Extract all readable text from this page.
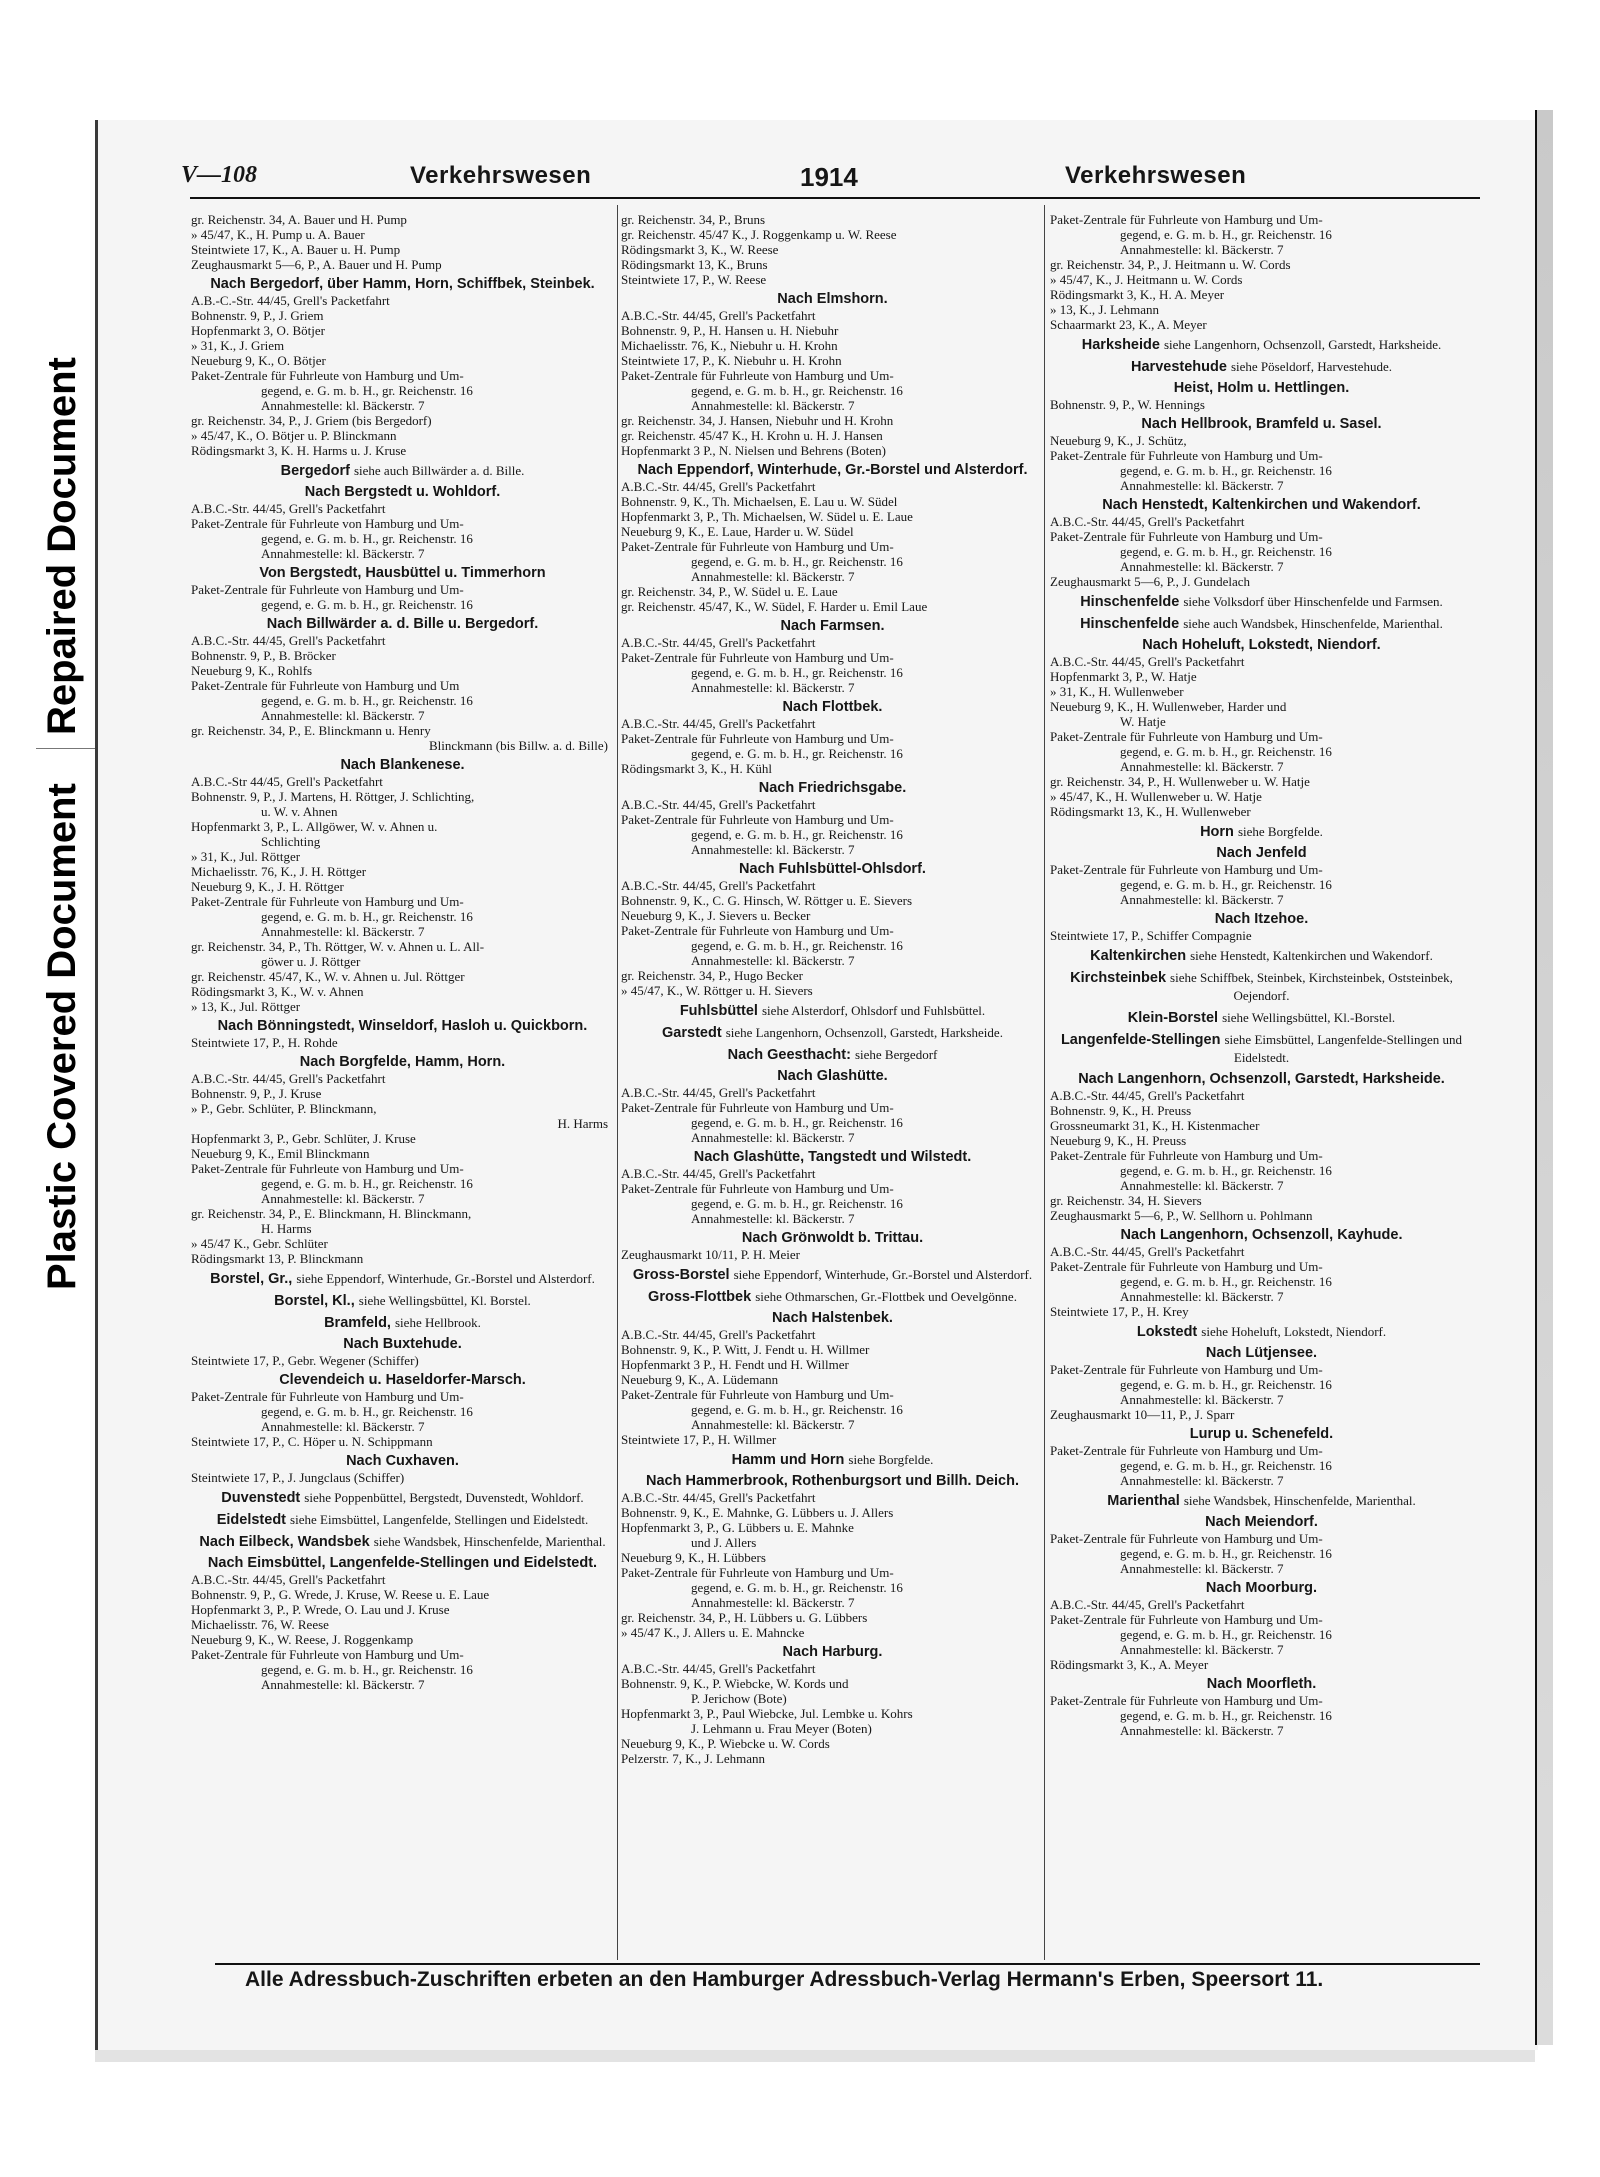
Repaired Document
Plastic Covered Document
V—108	Verkehrswesen	1914	Verkehrswesen
gr. Reichenstr. 34, A. Bauer und H. Pump
» 45/47, K., H. Pump u. A. Bauer
Steintwiete 17, K., A. Bauer u. H. Pump
Zeughausmarkt 5—6, P., A. Bauer und H. Pump
Nach Bergedorf, über Hamm, Horn, Schiffbek, Steinbek.
A.B.-C.-Str. 44/45, Grell's Packetfahrt
Bohnenstr. 9, P., J. Griem
Hopfenmarkt 3, O. Bötjer
» 31, K., J. Griem
Neueburg 9, K., O. Bötjer
Paket-Zentrale für Fuhrleute von Hamburg und Um-
gegend, e. G. m. b. H., gr. Reichenstr. 16
Annahmestelle: kl. Bäckerstr. 7
gr. Reichenstr. 34, P., J. Griem (bis Bergedorf)
» 45/47, K., O. Bötjer u. P. Blinckmann
Rödingsmarkt 3, K. H. Harms u. J. Kruse
Bergedorf siehe auch Billwärder a. d. Bille.
Nach Bergstedt u. Wohldorf.
A.B.C.-Str. 44/45, Grell's Packetfahrt
Paket-Zentrale für Fuhrleute von Hamburg und Um-
gegend, e. G. m. b. H., gr. Reichenstr. 16
Annahmestelle: kl. Bäckerstr. 7
Von Bergstedt, Hausbüttel u. Timmerhorn
Paket-Zentrale für Fuhrleute von Hamburg und Um-
gegend, e. G. m. b. H., gr. Reichenstr. 16
Nach Billwärder a. d. Bille u. Bergedorf.
A.B.C.-Str. 44/45, Grell's Packetfahrt
Bohnenstr. 9, P., B. Bröcker
Neueburg 9, K., Rohlfs
Paket-Zentrale für Fuhrleute von Hamburg und Um
gegend, e. G. m. b. H., gr. Reichenstr. 16
Annahmestelle: kl. Bäckerstr. 7
gr. Reichenstr. 34, P., E. Blinckmann u. Henry
Blinckmann (bis Billw. a. d. Bille)
Nach Blankenese.
A.B.C.-Str 44/45, Grell's Packetfahrt
Bohnenstr. 9, P., J. Martens, H. Röttger, J. Schlichting,
u. W. v. Ahnen
Hopfenmarkt 3, P., L. Allgöwer, W. v. Ahnen u.
Schlichting
» 31, K., Jul. Röttger
Michaelisstr. 76, K., J. H. Röttger
Neueburg 9, K., J. H. Röttger
Paket-Zentrale für Fuhrleute von Hamburg und Um-
gegend, e. G. m. b. H., gr. Reichenstr. 16
Annahmestelle: kl. Bäckerstr. 7
gr. Reichenstr. 34, P., Th. Röttger, W. v. Ahnen u. L. All-
göwer u. J. Röttger
gr. Reichenstr. 45/47, K., W. v. Ahnen u. Jul. Röttger
Rödingsmarkt 3, K., W. v. Ahnen
» 13, K., Jul. Röttger
Nach Bönningstedt, Winseldorf, Hasloh u. Quickborn.
Steintwiete 17, P., H. Rohde
Nach Borgfelde, Hamm, Horn.
A.B.C.-Str. 44/45, Grell's Packetfahrt
Bohnenstr. 9, P., J. Kruse
» P., Gebr. Schlüter, P. Blinckmann,
H. Harms
Hopfenmarkt 3, P., Gebr. Schlüter, J. Kruse
Neueburg 9, K., Emil Blinckmann
Paket-Zentrale für Fuhrleute von Hamburg und Um-
gegend, e. G. m. b. H., gr. Reichenstr. 16
Annahmestelle: kl. Bäckerstr. 7
gr. Reichenstr. 34, P., E. Blinckmann, H. Blinckmann,
H. Harms
» 45/47 K., Gebr. Schlüter
Rödingsmarkt 13, P. Blinckmann
Borstel, Gr., siehe Eppendorf, Winterhude, Gr.-Borstel und Alsterdorf.
Borstel, Kl., siehe Wellingsbüttel, Kl. Borstel.
Bramfeld, siehe Hellbrook.
Nach Buxtehude.
Steintwiete 17, P., Gebr. Wegener (Schiffer)
Clevendeich u. Haseldorfer-Marsch.
Paket-Zentrale für Fuhrleute von Hamburg und Um-
gegend, e. G. m. b. H., gr. Reichenstr. 16
Annahmestelle: kl. Bäckerstr. 7
Steintwiete 17, P., C. Höper u. N. Schippmann
Nach Cuxhaven.
Steintwiete 17, P., J. Jungclaus (Schiffer)
Duvenstedt siehe Poppenbüttel, Bergstedt, Duvenstedt, Wohldorf.
Eidelstedt siehe Eimsbüttel, Langenfelde, Stellingen und Eidelstedt.
Nach Eilbeck, Wandsbek siehe Wandsbek, Hinschenfelde, Marienthal.
Nach Eimsbüttel, Langenfelde-Stellingen und Eidelstedt.
A.B.C.-Str. 44/45, Grell's Packetfahrt
Bohnenstr. 9, P., G. Wrede, J. Kruse, W. Reese u. E. Laue
Hopfenmarkt 3, P., P. Wrede, O. Lau und J. Kruse
Michaelisstr. 76, W. Reese
Neueburg 9, K., W. Reese, J. Roggenkamp
Paket-Zentrale für Fuhrleute von Hamburg und Um-
gegend, e. G. m. b. H., gr. Reichenstr. 16
Annahmestelle: kl. Bäckerstr. 7
gr. Reichenstr. 34, P., Bruns
gr. Reichenstr. 45/47 K., J. Roggenkamp u. W. Reese
Rödingsmarkt 3, K., W. Reese
Rödingsmarkt 13, K., Bruns
Steintwiete 17, P., W. Reese
Nach Elmshorn.
A.B.C.-Str. 44/45, Grell's Packetfahrt
Bohnenstr. 9, P., H. Hansen u. H. Niebuhr
Michaelisstr. 76, K., Niebuhr u. H. Krohn
Steintwiete 17, P., K. Niebuhr u. H. Krohn
Paket-Zentrale für Fuhrleute von Hamburg und Um-
gegend, e. G. m. b. H., gr. Reichenstr. 16
Annahmestelle: kl. Bäckerstr. 7
gr. Reichenstr. 34, J. Hansen, Niebuhr und H. Krohn
gr. Reichenstr. 45/47 K., H. Krohn u. H. J. Hansen
Hopfenmarkt 3 P., N. Nielsen und Behrens (Boten)
Nach Eppendorf, Winterhude, Gr.-Borstel und Alsterdorf.
A.B.C.-Str. 44/45, Grell's Packetfahrt
Bohnenstr. 9, K., Th. Michaelsen, E. Lau u. W. Südel
Hopfenmarkt 3, P., Th. Michaelsen, W. Südel u. E. Laue
Neueburg 9, K., E. Laue, Harder u. W. Südel
Paket-Zentrale für Fuhrleute von Hamburg und Um-
gegend, e. G. m. b. H., gr. Reichenstr. 16
Annahmestelle: kl. Bäckerstr. 7
gr. Reichenstr. 34, P., W. Südel u. E. Laue
gr. Reichenstr. 45/47, K., W. Südel, F. Harder u. Emil Laue
Nach Farmsen.
A.B.C.-Str. 44/45, Grell's Packetfahrt
Paket-Zentrale für Fuhrleute von Hamburg und Um-
gegend, e. G. m. b. H., gr. Reichenstr. 16
Annahmestelle: kl. Bäckerstr. 7
Nach Flottbek.
A.B.C.-Str. 44/45, Grell's Packetfahrt
Paket-Zentrale für Fuhrleute von Hamburg und Um-
gegend, e. G. m. b. H., gr. Reichenstr. 16
Rödingsmarkt 3, K., H. Kühl
Nach Friedrichsgabe.
A.B.C.-Str. 44/45, Grell's Packetfahrt
Paket-Zentrale für Fuhrleute von Hamburg und Um-
gegend, e. G. m. b. H., gr. Reichenstr. 16
Annahmestelle: kl. Bäckerstr. 7
Nach Fuhlsbüttel-Ohlsdorf.
A.B.C.-Str. 44/45, Grell's Packetfahrt
Bohnenstr. 9, K., C. G. Hinsch, W. Röttger u. E. Sievers
Neueburg 9, K., J. Sievers u. Becker
Paket-Zentrale für Fuhrleute von Hamburg und Um-
gegend, e. G. m. b. H., gr. Reichenstr. 16
Annahmestelle: kl. Bäckerstr. 7
gr. Reichenstr. 34, P., Hugo Becker
» 45/47, K., W. Röttger u. H. Sievers
Fuhlsbüttel siehe Alsterdorf, Ohlsdorf und Fuhlsbüttel.
Garstedt siehe Langenhorn, Ochsenzoll, Garstedt, Harksheide.
Nach Geesthacht: siehe Bergedorf
Nach Glashütte.
A.B.C.-Str. 44/45, Grell's Packetfahrt
Paket-Zentrale für Fuhrleute von Hamburg und Um-
gegend, e. G. m. b. H., gr. Reichenstr. 16
Annahmestelle: kl. Bäckerstr. 7
Nach Glashütte, Tangstedt und Wilstedt.
A.B.C.-Str. 44/45, Grell's Packetfahrt
Paket-Zentrale für Fuhrleute von Hamburg und Um-
gegend, e. G. m. b. H., gr. Reichenstr. 16
Annahmestelle: kl. Bäckerstr. 7
Nach Grönwoldt b. Trittau.
Zeughausmarkt 10/11, P. H. Meier
Gross-Borstel siehe Eppendorf, Winterhude, Gr.-Borstel und Alsterdorf.
Gross-Flottbek siehe Othmarschen, Gr.-Flottbek und Oevelgönne.
Nach Halstenbek.
A.B.C.-Str. 44/45, Grell's Packetfahrt
Bohnenstr. 9, K., P. Witt, J. Fendt u. H. Willmer
Hopfenmarkt 3 P., H. Fendt und H. Willmer
Neueburg 9, K., A. Lüdemann
Paket-Zentrale für Fuhrleute von Hamburg und Um-
gegend, e. G. m. b. H., gr. Reichenstr. 16
Annahmestelle: kl. Bäckerstr. 7
Steintwiete 17, P., H. Willmer
Hamm und Horn siehe Borgfelde.
Nach Hammerbrook, Rothenburgsort und Billh. Deich.
A.B.C.-Str. 44/45, Grell's Packetfahrt
Bohnenstr. 9, K., E. Mahnke, G. Lübbers u. J. Allers
Hopfenmarkt 3, P., G. Lübbers u. E. Mahnke
und J. Allers
Neueburg 9, K., H. Lübbers
Paket-Zentrale für Fuhrleute von Hamburg und Um-
gegend, e. G. m. b. H., gr. Reichenstr. 16
Annahmestelle: kl. Bäckerstr. 7
gr. Reichenstr. 34, P., H. Lübbers u. G. Lübbers
» 45/47 K., J. Allers u. E. Mahncke
Nach Harburg.
A.B.C.-Str. 44/45, Grell's Packetfahrt
Bohnenstr. 9, K., P. Wiebcke, W. Kords und
P. Jerichow (Bote)
Hopfenmarkt 3, P., Paul Wiebcke, Jul. Lembke u. Kohrs
J. Lehmann u. Frau Meyer (Boten)
Neueburg 9, K., P. Wiebcke u. W. Cords
Pelzerstr. 7, K., J. Lehmann
Paket-Zentrale für Fuhrleute von Hamburg und Um-
gegend, e. G. m. b. H., gr. Reichenstr. 16
Annahmestelle: kl. Bäckerstr. 7
gr. Reichenstr. 34, P., J. Heitmann u. W. Cords
» 45/47, K., J. Heitmann u. W. Cords
Rödingsmarkt 3, K., H. A. Meyer
» 13, K., J. Lehmann
Schaarmarkt 23, K., A. Meyer
Harksheide siehe Langenhorn, Ochsenzoll, Garstedt, Harksheide.
Harvestehude siehe Pöseldorf, Harvestehude.
Heist, Holm u. Hettlingen.
Bohnenstr. 9, P., W. Hennings
Nach Hellbrook, Bramfeld u. Sasel.
Neueburg 9, K., J. Schütz,
Paket-Zentrale für Fuhrleute von Hamburg und Um-
gegend, e. G. m. b. H., gr. Reichenstr. 16
Annahmestelle: kl. Bäckerstr. 7
Nach Henstedt, Kaltenkirchen und Wakendorf.
A.B.C.-Str. 44/45, Grell's Packetfahrt
Paket-Zentrale für Fuhrleute von Hamburg und Um-
gegend, e. G. m. b. H., gr. Reichenstr. 16
Annahmestelle: kl. Bäckerstr. 7
Zeughausmarkt 5—6, P., J. Gundelach
Hinschenfelde siehe Volksdorf über Hinschenfelde und Farmsen.
Hinschenfelde siehe auch Wandsbek, Hinschenfelde, Marienthal.
Nach Hoheluft, Lokstedt, Niendorf.
A.B.C.-Str. 44/45, Grell's Packetfahrt
Hopfenmarkt 3, P., W. Hatje
» 31, K., H. Wullenweber
Neueburg 9, K., H. Wullenweber, Harder und
W. Hatje
Paket-Zentrale für Fuhrleute von Hamburg und Um-
gegend, e. G. m. b. H., gr. Reichenstr. 16
Annahmestelle: kl. Bäckerstr. 7
gr. Reichenstr. 34, P., H. Wullenweber u. W. Hatje
» 45/47, K., H. Wullenweber u. W. Hatje
Rödingsmarkt 13, K., H. Wullenweber
Horn siehe Borgfelde.
Nach Jenfeld
Paket-Zentrale für Fuhrleute von Hamburg und Um-
gegend, e. G. m. b. H., gr. Reichenstr. 16
Annahmestelle: kl. Bäckerstr. 7
Nach Itzehoe.
Steintwiete 17, P., Schiffer Compagnie
Kaltenkirchen siehe Henstedt, Kaltenkirchen und Wakendorf.
Kirchsteinbek siehe Schiffbek, Steinbek, Kirchsteinbek, Oststeinbek, Oejendorf.
Klein-Borstel siehe Wellingsbüttel, Kl.-Borstel.
Langenfelde-Stellingen siehe Eimsbüttel, Langenfelde-Stellingen und Eidelstedt.
Nach Langenhorn, Ochsenzoll, Garstedt, Harksheide.
A.B.C.-Str. 44/45, Grell's Packetfahrt
Bohnenstr. 9, K., H. Preuss
Grossneumarkt 31, K., H. Kistenmacher
Neueburg 9, K., H. Preuss
Paket-Zentrale für Fuhrleute von Hamburg und Um-
gegend, e. G. m. b. H., gr. Reichenstr. 16
Annahmestelle: kl. Bäckerstr. 7
gr. Reichenstr. 34, H. Sievers
Zeughausmarkt 5—6, P., W. Sellhorn u. Pohlmann
Nach Langenhorn, Ochsenzoll, Kayhude.
A.B.C.-Str. 44/45, Grell's Packetfahrt
Paket-Zentrale für Fuhrleute von Hamburg und Um-
gegend, e. G. m. b. H., gr. Reichenstr. 16
Annahmestelle: kl. Bäckerstr. 7
Steintwiete 17, P., H. Krey
Lokstedt siehe Hoheluft, Lokstedt, Niendorf.
Nach Lütjensee.
Paket-Zentrale für Fuhrleute von Hamburg und Um-
gegend, e. G. m. b. H., gr. Reichenstr. 16
Annahmestelle: kl. Bäckerstr. 7
Zeughausmarkt 10—11, P., J. Sparr
Lurup u. Schenefeld.
Paket-Zentrale für Fuhrleute von Hamburg und Um-
gegend, e. G. m. b. H., gr. Reichenstr. 16
Annahmestelle: kl. Bäckerstr. 7
Marienthal siehe Wandsbek, Hinschenfelde, Marienthal.
Nach Meiendorf.
Paket-Zentrale für Fuhrleute von Hamburg und Um-
gegend, e. G. m. b. H., gr. Reichenstr. 16
Annahmestelle: kl. Bäckerstr. 7
Nach Moorburg.
A.B.C.-Str. 44/45, Grell's Packetfahrt
Paket-Zentrale für Fuhrleute von Hamburg und Um-
gegend, e. G. m. b. H., gr. Reichenstr. 16
Annahmestelle: kl. Bäckerstr. 7
Rödingsmarkt 3, K., A. Meyer
Nach Moorfleth.
Paket-Zentrale für Fuhrleute von Hamburg und Um-
gegend, e. G. m. b. H., gr. Reichenstr. 16
Annahmestelle: kl. Bäckerstr. 7
Alle Adressbuch-Zuschriften erbeten an den Hamburger Adressbuch-Verlag Hermann's Erben, Speersort 11.
